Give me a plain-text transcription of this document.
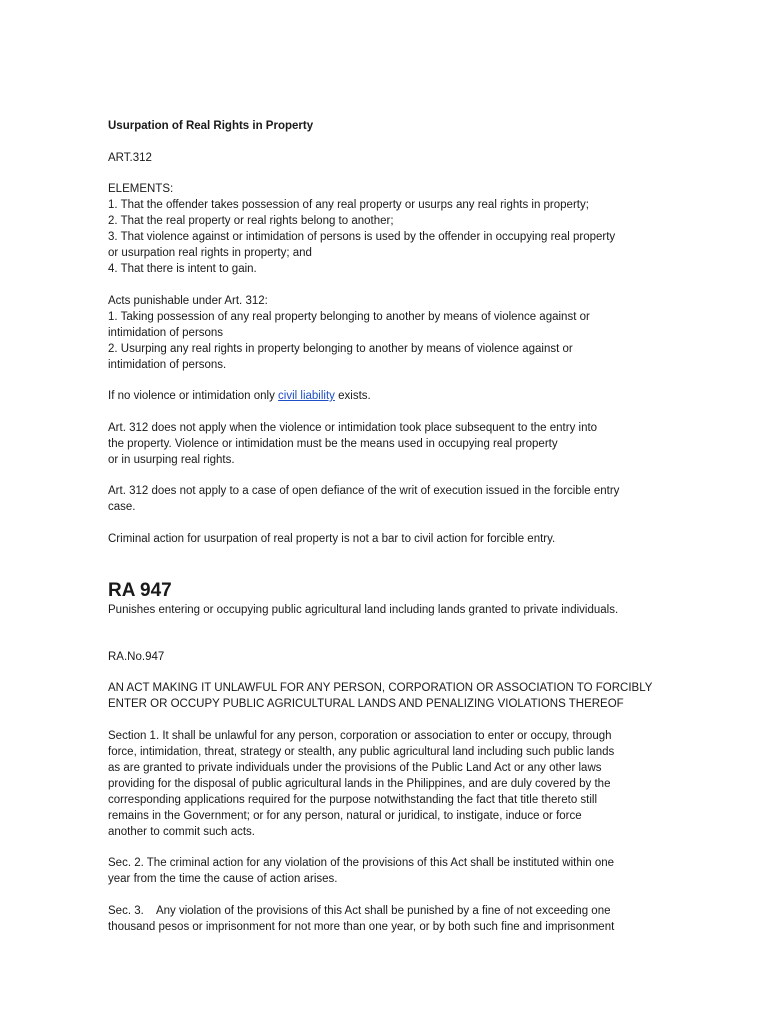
Usurpation of Real Rights in Property

ART.312

ELEMENTS:

1. That the offender takes possession of any real property or usurps any real rights in property;

2. That the real property or real rights belong to another;

3. That violence against or intimidation of persons is used by the offender in occupying real property

or usurpation real rights in property; and

4. That there is intent to gain.

Acts punishable under Art. 312:

1. Taking possession of any real property belonging to another by means of violence against or

intimidation of persons

2. Usurping any real rights in property belonging to another by means of violence against or

intimidation of persons.

If no violence or intimidation only civil liability exists.

Art. 312 does not apply when the violence or intimidation took place subsequent to the entry into

the property. Violence or intimidation must be the means used in occupying real property

or in usurping real rights.

Art. 312 does not apply to a case of open defiance of the writ of execution issued in the forcible entry

case.

Criminal action for usurpation of real property is not a bar to civil action for forcible entry.

RA 947

Punishes entering or occupying public agricultural land including lands granted to private individuals.

RA.No.947

AN ACT MAKING IT UNLAWFUL FOR ANY PERSON, CORPORATION OR ASSOCIATION TO FORCIBLY

ENTER OR OCCUPY PUBLIC AGRICULTURAL LANDS AND PENALIZING VIOLATIONS THEREOF

Section 1. It shall be unlawful for any person, corporation or association to enter or occupy, through

force, intimidation, threat, strategy or stealth, any public agricultural land including such public lands

as are granted to private individuals under the provisions of the Public Land Act or any other laws

providing for the disposal of public agricultural lands in the Philippines, and are duly covered by the

corresponding applications required for the purpose notwithstanding the fact that title thereto still

remains in the Government; or for any person, natural or juridical, to instigate, induce or force

another to commit such acts.

Sec. 2. The criminal action for any violation of the provisions of this Act shall be instituted within one

year from the time the cause of action arises.

Sec. 3.    Any violation of the provisions of this Act shall be punished by a fine of not exceeding one

thousand pesos or imprisonment for not more than one year, or by both such fine and imprisonment
